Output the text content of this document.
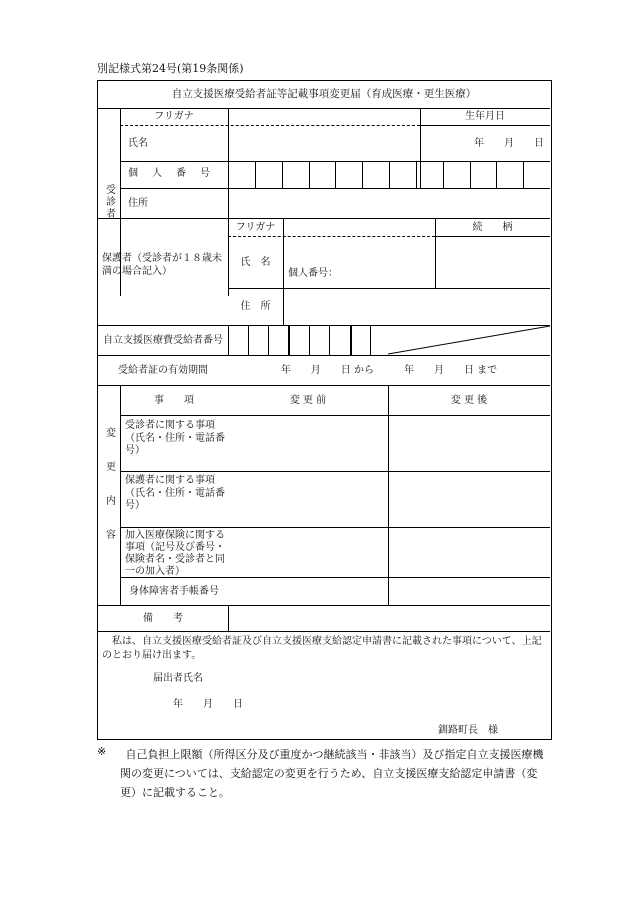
別記様式第24号(第19条関係)
自立支援医療受給者証等記載事項変更届（育成医療・更生医療）
受診者
フリガナ	生年月日
氏名	年　　月　　日
個人番号
住所
保護者（受診者が１８歳未満の場合記入）
フリガナ	続　　柄
氏　名
個人番号：
住　所
自立支援医療費受給者番号
受給者証の有効期間	年　　月　　日 から　　　年　　月　　日 まで
変更内容
事　　項	変 更 前	変 更 後
受診者に関する事項（氏名・住所・電話番号）
保護者に関する事項（氏名・住所・電話番号）
加入医療保険に関する事項（記号及び番号・保険者名・受診者と同一の加入者）
身体障害者手帳番号
備　　考
私は、自立支援医療受給者証及び自立支援医療支給認定申請書に記載された事項について、上記のとおり届け出ます。
届出者氏名
年　　月　　日
釧路町長　様
※	自己負担上限額（所得区分及び重度かつ継続該当・非該当）及び指定自立支援医療機関の変更については、支給認定の変更を行うため、自立支援医療支給認定申請書（変更）に記載すること。
